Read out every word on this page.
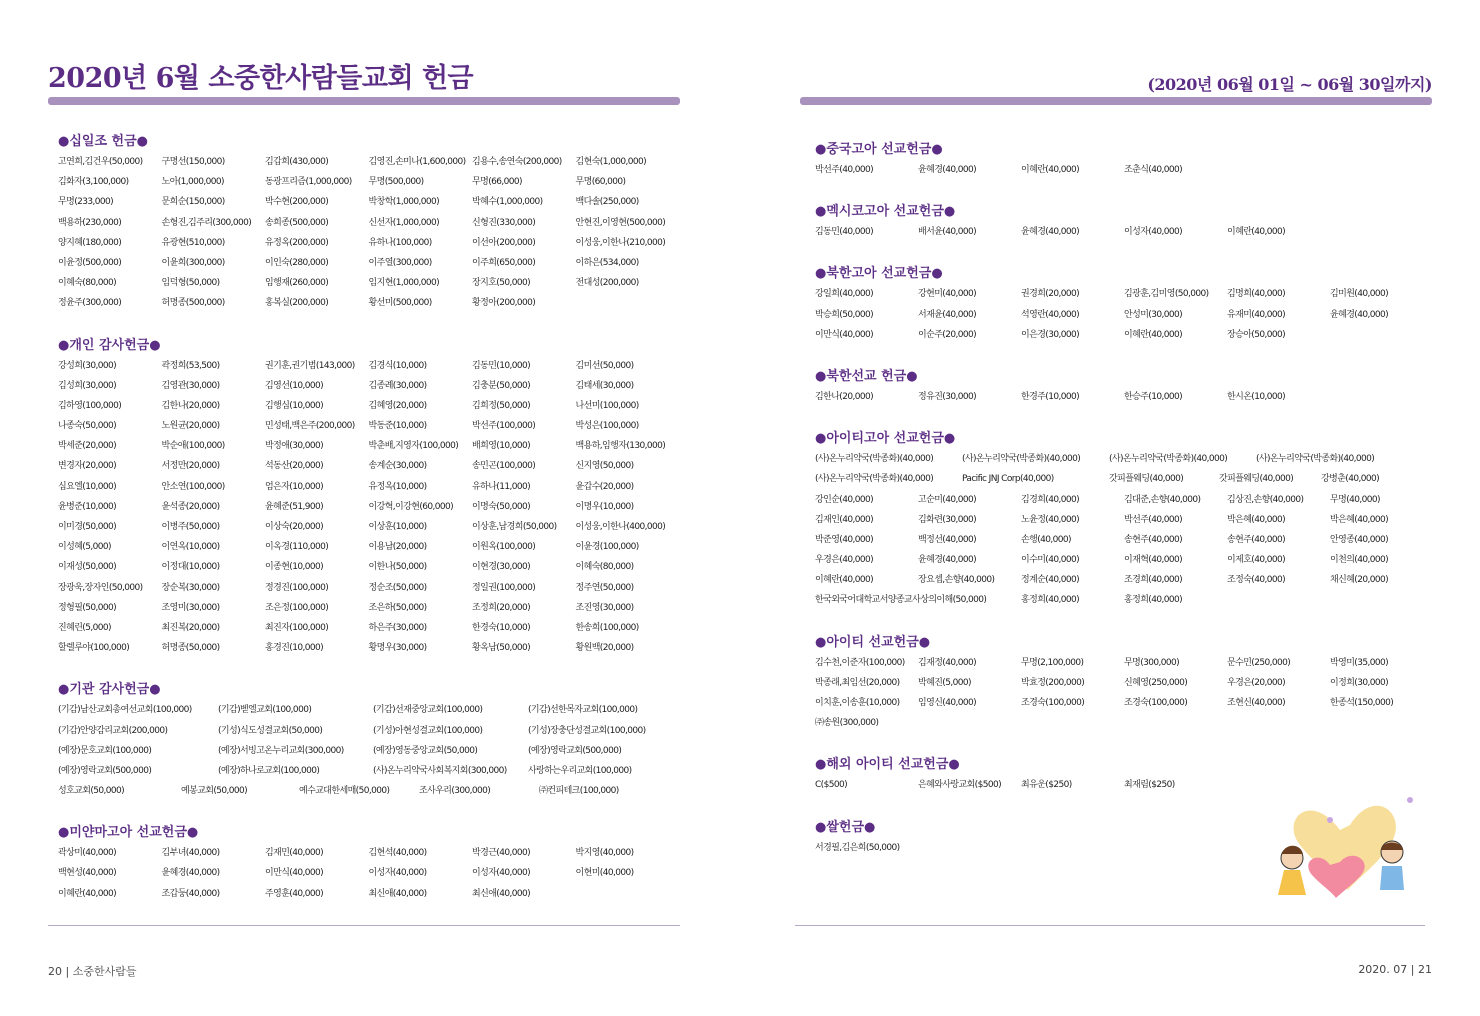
2020년 6월 소중한사람들교회 헌금	(2020년 06월 01일 ~ 06월 30일까지)
●십일조 헌금●
고연희,김건우(50,000)	구명선(150,000)	김갑희(430,000)	김영진,손미나(1,600,000) 김용수,송연숙(200,000)	김현숙(1,000,000)
김화자(3,100,000)	노아(1,000,000)	동광프리즘(1,000,000)	무명(500,000)	무명(66,000)	무명(60,000)
무명(233,000)	문희순(150,000)	박수현(200,000)	박창학(1,000,000)	박혜수(1,000,000)	백다솔(250,000)
백용하(230,000)	손형진,김주리(300,000)	송희종(500,000)	신선자(1,000,000)	신형진(330,000)	안현진,이영현(500,000)
양지혜(180,000)	유광현(510,000)	유정옥(200,000)	유하나(100,000)	이선아(200,000)	이성웅,이한나(210,000)
이윤정(500,000)	이윤희(300,000)	이인숙(280,000)	이주열(300,000)	이주희(650,000)	이하은(534,000)
이혜숙(80,000)	임덕형(50,000)	임행재(260,000)	임지현(1,000,000)	장지호(50,000)	전대성(200,000)
정윤주(300,000)	허명종(500,000)	홍복실(200,000)	황선미(500,000)	황정아(200,000)
●개인 감사헌금●
강성희(30,000)	곽정희(53,500)	권기훈,권기범(143,000)	김경식(10,000)	김동민(10,000)	김미선(50,000)
김성희(30,000)	김영관(30,000)	김영선(10,000)	김종례(30,000)	김충분(50,000)	김태세(30,000)
김하영(100,000)	김한나(20,000)	김행심(10,000)	김혜영(20,000)	김희정(50,000)	나선미(100,000)
나종숙(50,000)	노원균(20,000)	민성태,백은주(200,000)	박동준(10,000)	박선주(100,000)	박성은(100,000)
박세준(20,000)	박순애(100,000)	박정애(30,000)	박춘배,지영자(100,000)	배희영(10,000)	백용하,임행자(130,000)
변경자(20,000)	서정만(20,000)	석동산(20,000)	송계순(30,000)	송민곤(100,000)	신지영(50,000)
심요엘(10,000)	안소연(100,000)	엄은자(10,000)	유정옥(10,000)	유하나(11,000)	윤갑수(20,000)
윤병준(10,000)	윤석종(20,000)	윤혜준(51,900)	이강혁,이강현(60,000)	이명숙(50,000)	이명우(10,000)
이미경(50,000)	이병주(50,000)	이상숙(20,000)	이상훈(10,000)	이상훈,남경희(50,000)	이성웅,이한나(400,000)
이성혜(5,000)	이연옥(10,000)	이옥경(110,000)	이용남(20,000)	이원옥(100,000)	이윤경(100,000)
이재성(50,000)	이정대(10,000)	이종현(10,000)	이한나(50,000)	이현경(30,000)	이혜숙(80,000)
장광욱,장자인(50,000)	장순복(30,000)	정경진(100,000)	정순조(50,000)	정일권(100,000)	정주연(50,000)
정형필(50,000)	조영미(30,000)	조은정(100,000)	조은하(50,000)	조정희(20,000)	조진영(30,000)
진혜린(5,000)	최진복(20,000)	최진자(100,000)	하은주(30,000)	한경숙(10,000)	한송희(100,000)
할렐루야(100,000)	허명종(50,000)	홍경진(10,000)	황명우(30,000)	황옥남(50,000)	황원백(20,000)
●기관 감사헌금●
(기감)남산교회총여선교회(100,000)	(기감)벧엘교회(100,000)	(기감)선재중앙교회(100,000)	(기감)선한목자교회(100,000)
(기감)안양감리교회(200,000)	(기성)식도성결교회(50,000)	(기성)아현성결교회(100,000)	(기성)장충단성결교회(100,000)
(예장)문호교회(100,000)	(예장)서빙고온누리교회(300,000)	(예장)영동중앙교회(50,000)	(예장)영락교회(500,000)
(예장)영락교회(500,000)	(예장)하나로교회(100,000)	(사)온누리약국사회복지회(300,000)	사랑하는우리교회(100,000)
성호교회(50,000)	예봉교회(50,000)	예수교대한세매(50,000)	조사우리(300,000)	㈜컨피테크(100,000)
●미얀마고아 선교헌금●
곽상미(40,000)	김부녀(40,000)	김재민(40,000)	김현석(40,000)	박경근(40,000)	박지영(40,000)
백현성(40,000)	윤혜경(40,000)	이만식(40,000)	이성자(40,000)	이성자(40,000)	이현미(40,000)
이혜란(40,000)	조갑둥(40,000)	주영훈(40,000)	최신애(40,000)	최신애(40,000)
●중국고아 선교헌금●
박선주(40,000)	윤혜경(40,000)	이혜란(40,000)	조춘식(40,000)
●멕시코고아 선교헌금●
김동민(40,000)	배서윤(40,000)	윤혜경(40,000)	이성자(40,000)	이혜란(40,000)
●북한고아 선교헌금●
강일희(40,000)	강현미(40,000)	권경희(20,000)	김광훈,김미영(50,000)	김명희(40,000)	김미원(40,000)
박승희(50,000)	서재윤(40,000)	석영란(40,000)	안성미(30,000)	유재미(40,000)	윤혜경(40,000)
이만식(40,000)	이순주(20,000)	이은경(30,000)	이혜란(40,000)	장승아(50,000)
●북한선교 헌금●
김한나(20,000)	정유진(30,000)	한경주(10,000)	한승주(10,000)	한시온(10,000)
●아이티고아 선교헌금●
(사)온누리약국(박종화)(40,000)	(사)온누리약국(박종화)(40,000)	(사)온누리약국(박종화)(40,000)	(사)온누리약국(박종화)(40,000)
(사)온누리약국(박종화)(40,000)	Pacific JNJ Corp(40,000)	갓피플웨딩(40,000)	갓피플웨딩(40,000)	강병춘(40,000)
강인순(40,000)	고순미(40,000)	김경희(40,000)	김대준,손향(40,000)	김상진,손향(40,000)	무명(40,000)
김재인(40,000)	김화련(30,000)	노윤정(40,000)	박선주(40,000)	박은혜(40,000)	박은혜(40,000)
박준영(40,000)	백정선(40,000)	손행(40,000)	송현주(40,000)	송현주(40,000)	안영종(40,000)
우경은(40,000)	윤혜경(40,000)	이수미(40,000)	이재혁(40,000)	이제호(40,000)	이천의(40,000)
이혜란(40,000)	장요셉,손향(40,000)	정계순(40,000)	조경희(40,000)	조정숙(40,000)	채신혜(20,000)
한국외국어대학교서양종교사상의이해(50,000)	홍정희(40,000)	홍정희(40,000)
●아이티 선교헌금●
김수천,이준자(100,000)	김재정(40,000)	무명(2,100,000)	무명(300,000)	문수민(250,000)	박영미(35,000)
박종래,최임선(20,000)	박혜진(5,000)	박효정(200,000)	신혜영(250,000)	우경은(20,000)	이정희(30,000)
이치훈,이송훈(10,000)	임영신(40,000)	조경숙(100,000)	조경숙(100,000)	조현신(40,000)	한종석(150,000)
㈜송원(300,000)
●해외 아이티 선교헌금●
C($500)	은혜와사랑교회($500)	최유운($250)	최재림($250)
●쌀헌금●
서경필,김은희(50,000)
20 | 소중한사람들	2020. 07 | 21
